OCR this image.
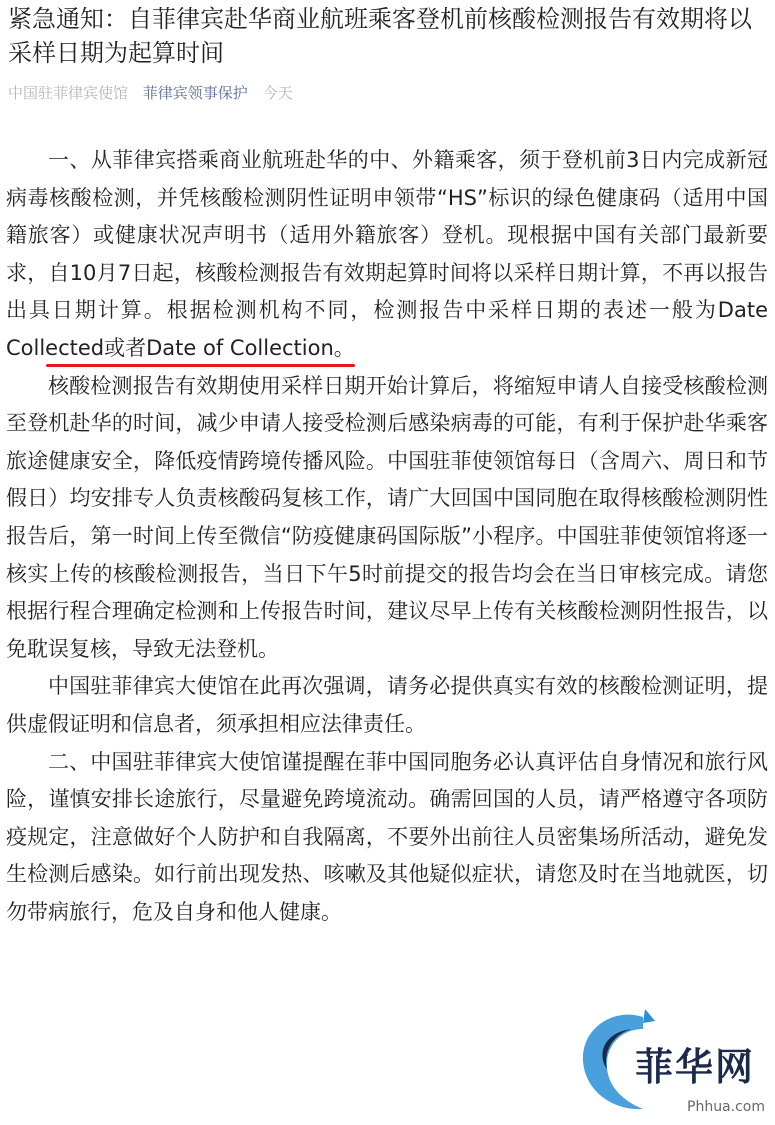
紧急通知：自菲律宾赴华商业航班乘客登机前核酸检测报告有效期将以采样日期为起算时间
中国驻菲律宾使馆 菲律宾领事保护 今天

一、从菲律宾搭乘商业航班赴华的中、外籍乘客，须于登机前3日内完成新冠病毒核酸检测，并凭核酸检测阴性证明申领带“HS”标识的绿色健康码（适用中国籍旅客）或健康状况声明书（适用外籍旅客）登机。现根据中国有关部门最新要求，自10月7日起，核酸检测报告有效期起算时间将以采样日期计算，不再以报告出具日期计算。根据检测机构不同，检测报告中采样日期的表述一般为Date Collected或者Date of Collection。

核酸检测报告有效期使用采样日期开始计算后，将缩短申请人自接受核酸检测至登机赴华的时间，减少申请人接受检测后感染病毒的可能，有利于保护赴华乘客旅途健康安全，降低疫情跨境传播风险。中国驻菲使领馆每日（含周六、周日和节假日）均安排专人负责核酸码复核工作，请广大回国中国同胞在取得核酸检测阴性报告后，第一时间上传至微信“防疫健康码国际版”小程序。中国驻菲使领馆将逐一核实上传的核酸检测报告，当日下午5时前提交的报告均会在当日审核完成。请您根据行程合理确定检测和上传报告时间，建议尽早上传有关核酸检测阴性报告，以免耽误复核，导致无法登机。

中国驻菲律宾大使馆在此再次强调，请务必提供真实有效的核酸检测证明，提供虚假证明和信息者，须承担相应法律责任。

二、中国驻菲律宾大使馆谨提醒在菲中国同胞务必认真评估自身情况和旅行风险，谨慎安排长途旅行，尽量避免跨境流动。确需回国的人员，请严格遵守各项防疫规定，注意做好个人防护和自我隔离，不要外出前往人员密集场所活动，避免发生检测后感染。如行前出现发热、咳嗽及其他疑似症状，请您及时在当地就医，切勿带病旅行，危及自身和他人健康。

菲华网
Phhua.com
